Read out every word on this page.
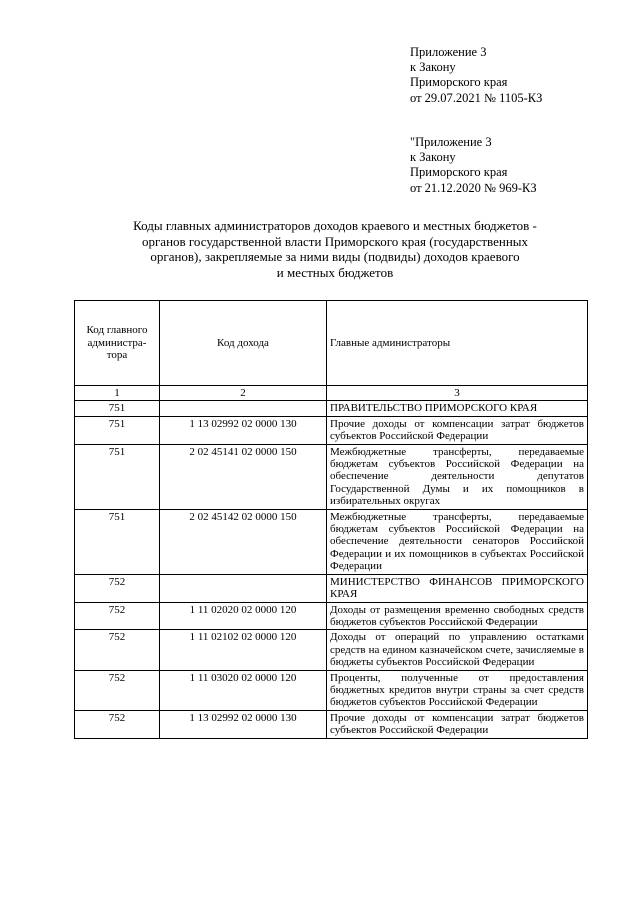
Приложение 3
к Закону
Приморского края
от 29.07.2021 № 1105-КЗ
"Приложение 3
к Закону
Приморского края
от 21.12.2020 № 969-КЗ
Коды главных администраторов доходов краевого и местных бюджетов -
органов государственной власти Приморского края (государственных
органов), закрепляемые за ними виды (подвиды) доходов краевого
и местных бюджетов
Код главного администра-тора	Код дохода	Главные администраторы
1	2	3
751		ПРАВИТЕЛЬСТВО ПРИМОРСКОГО КРАЯ
751	1 13 02992 02 0000 130	Прочие доходы от компенсации затрат бюджетов субъектов Российской Федерации
751	2 02 45141 02 0000 150	Межбюджетные трансферты, передаваемые бюджетам субъектов Российской Федерации на обеспечение деятельности депутатов Государственной Думы и их помощников в избирательных округах
751	2 02 45142 02 0000 150	Межбюджетные трансферты, передаваемые бюджетам субъектов Российской Федерации на обеспечение деятельности сенаторов Российской Федерации и их помощников в субъектах Российской Федерации
752		МИНИСТЕРСТВО ФИНАНСОВ ПРИМОРСКОГО КРАЯ
752	1 11 02020 02 0000 120	Доходы от размещения временно свободных средств бюджетов субъектов Российской Федерации
752	1 11 02102 02 0000 120	Доходы от операций по управлению остатками средств на едином казначейском счете, зачисляемые в бюджеты субъектов Российской Федерации
752	1 11 03020 02 0000 120	Проценты, полученные от предоставления бюджетных кредитов внутри страны за счет средств бюджетов субъектов Российской Федерации
752	1 13 02992 02 0000 130	Прочие доходы от компенсации затрат бюджетов субъектов Российской Федерации
